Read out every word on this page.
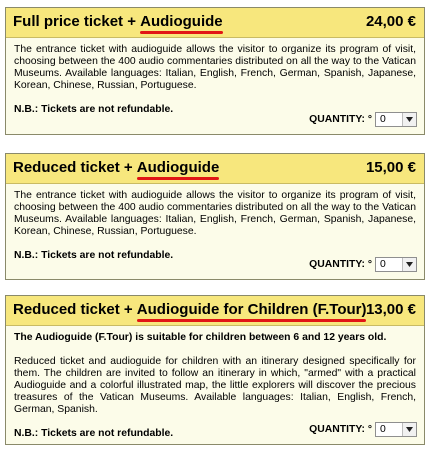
Full price ticket + Audioguide	24,00 €

The entrance ticket with audioguide allows the visitor to organize its program of visit, choosing between the 400 audio commentaries distributed on all the way to the Vatican Museums. Available languages: Italian, English, French, German, Spanish, Japanese, Korean, Chinese, Russian, Portuguese.

N.B.: Tickets are not refundable.

QUANTITY: ° 0
Reduced ticket + Audioguide	15,00 €

The entrance ticket with audioguide allows the visitor to organize its program of visit, choosing between the 400 audio commentaries distributed on all the way to the Vatican Museums. Available languages: Italian, English, French, German, Spanish, Japanese, Korean, Chinese, Russian, Portuguese.

N.B.: Tickets are not refundable.

QUANTITY: ° 0
Reduced ticket + Audioguide for Children (F.Tour) 13,00 €

The Audioguide (F.Tour) is suitable for children between 6 and 12 years old.

Reduced ticket and audioguide for children with an itinerary designed specifically for them. The children are invited to follow an itinerary in which, "armed" with a practical Audioguide and a colorful illustrated map, the little explorers will discover the precious treasures of the Vatican Museums. Available languages: Italian, English, French, German, Spanish.

N.B.: Tickets are not refundable.	QUANTITY: ° 0
